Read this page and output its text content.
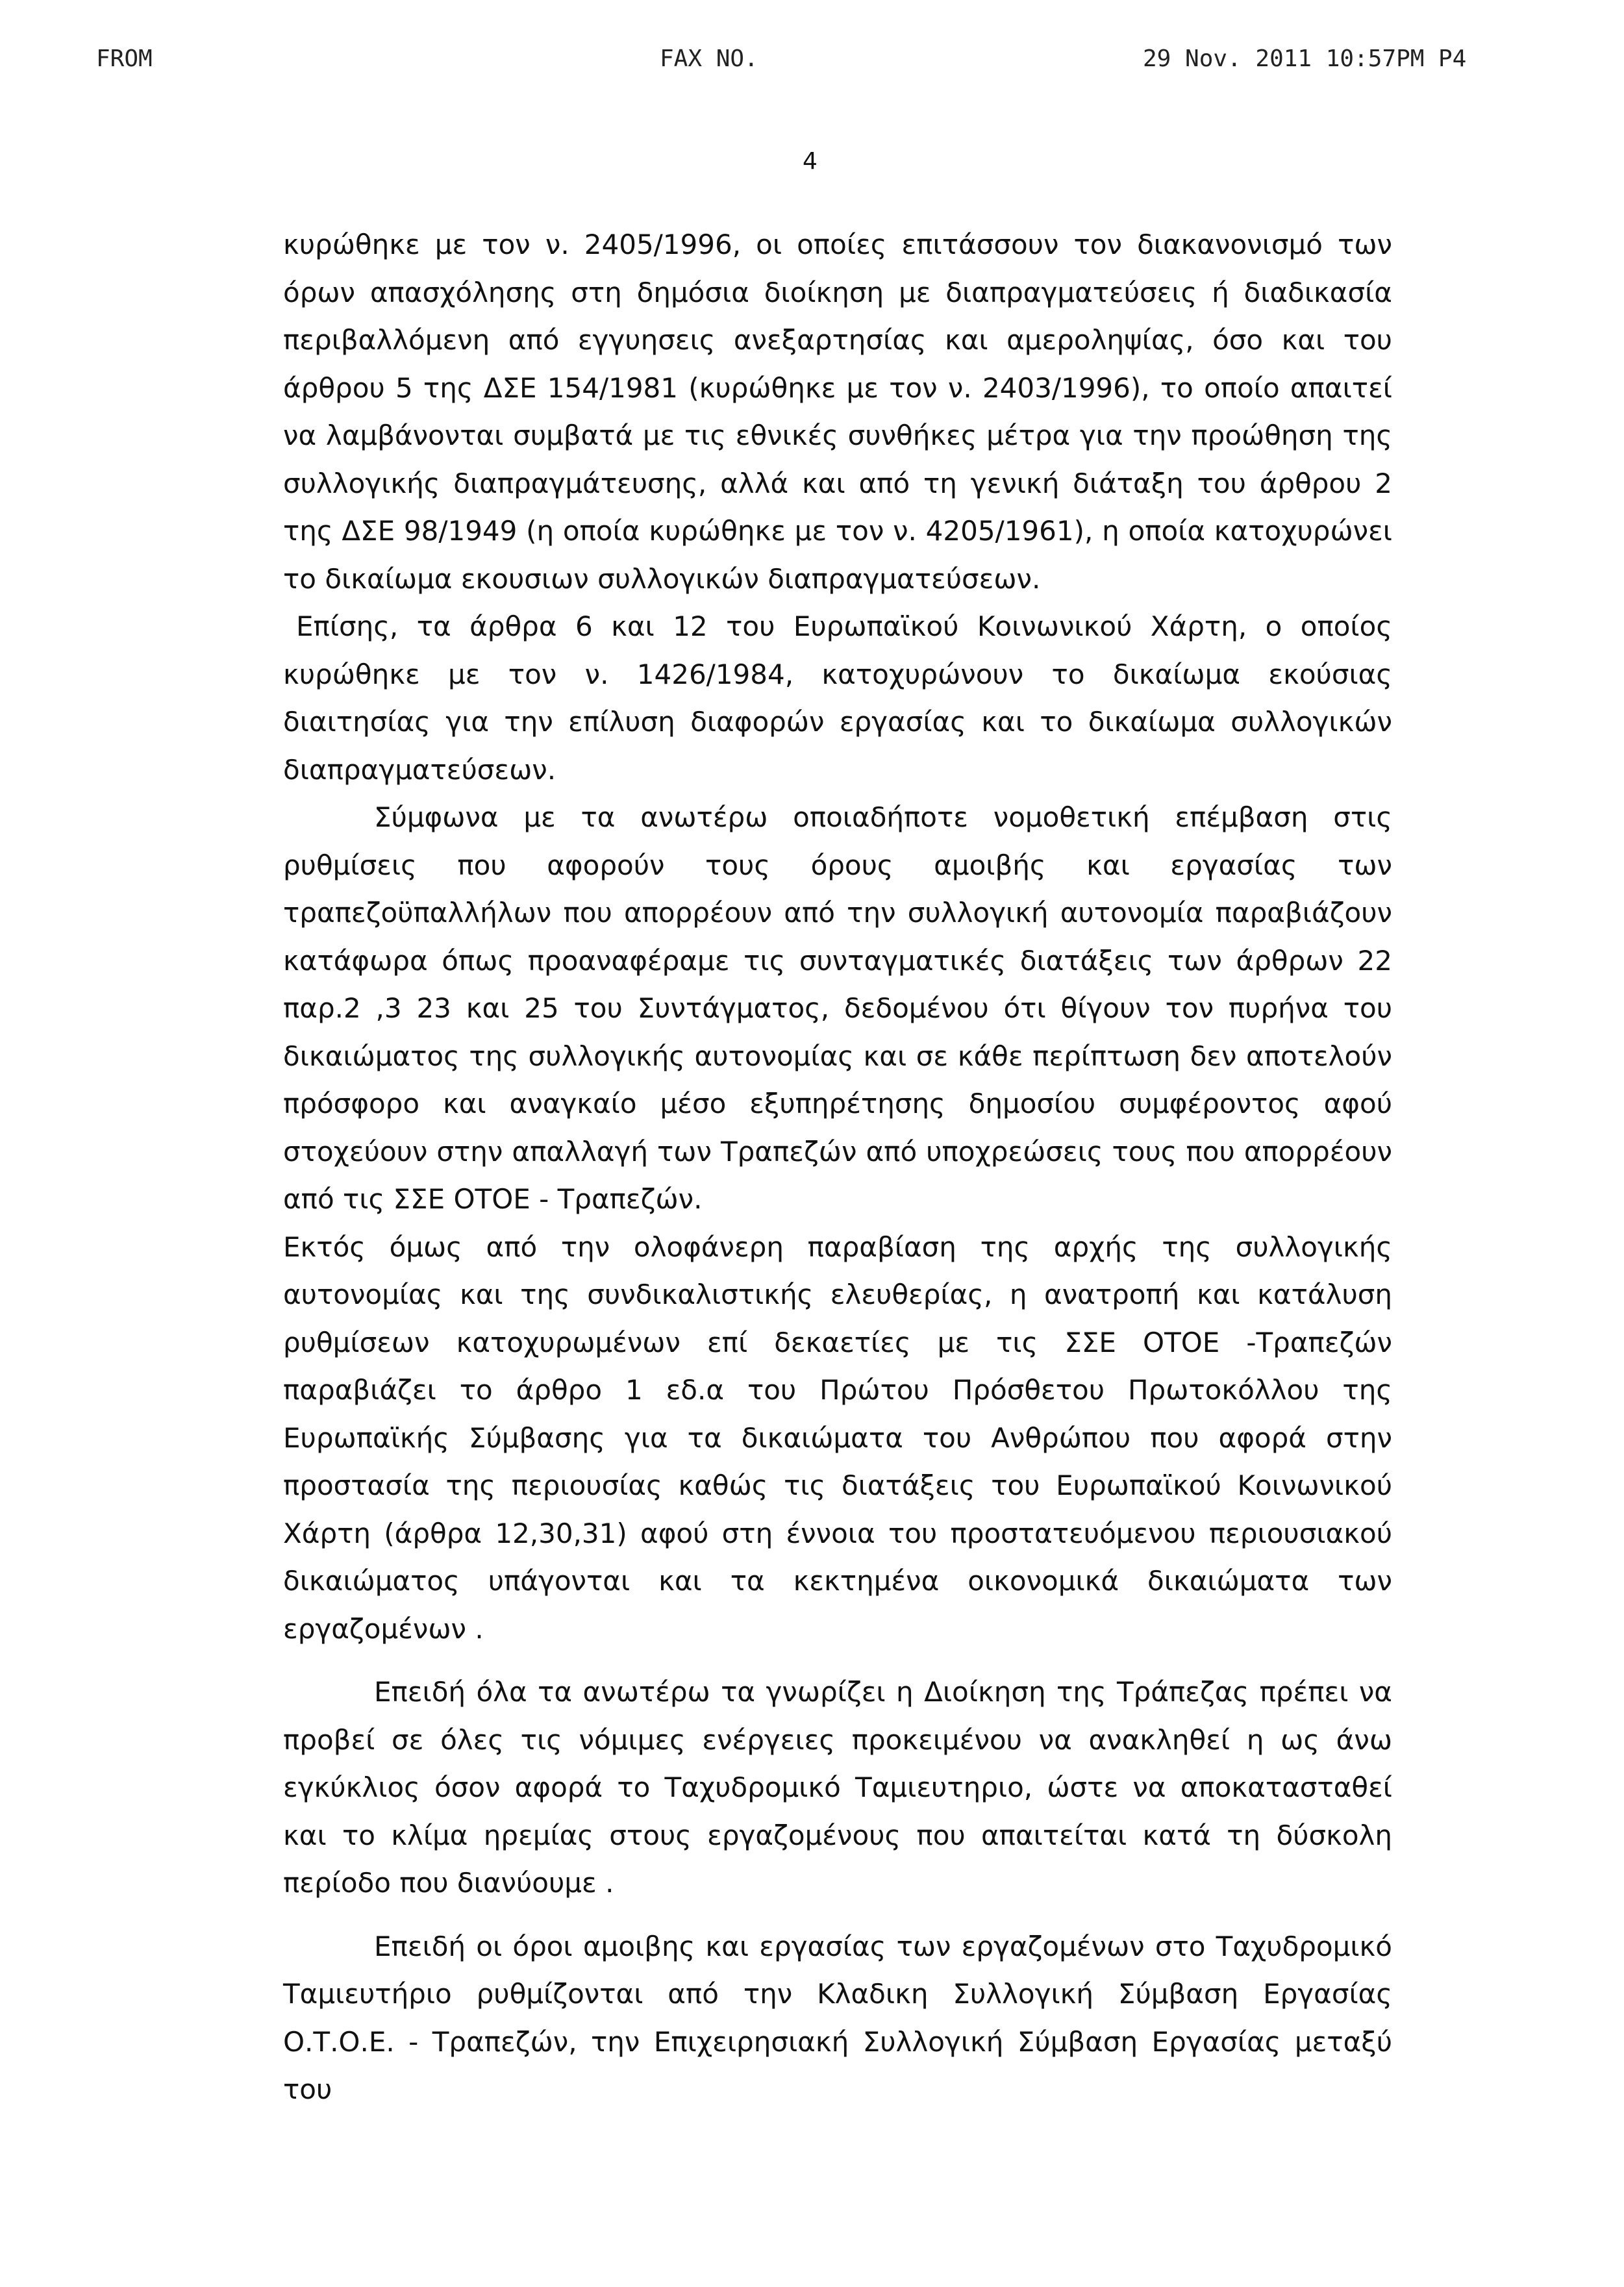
FROM	FAX NO.	29 Nov. 2011 10:57PM P4
4

κυρώθηκε με τον ν. 2405/1996, οι οποίες επιτάσσουν τον διακανονισμό των όρων απασχόλησης στη δημόσια διοίκηση με διαπραγματεύσεις ή διαδικασία περιβαλλόμενη από εγγυησεις ανεξαρτησίας και αμεροληψίας, όσο και του άρθρου 5 της ΔΣΕ 154/1981 (κυρώθηκε με τον ν. 2403/1996), το οποίο απαιτεί να λαμβάνονται συμβατά με τις εθνικές συνθήκες μέτρα για την προώθηση της συλλογικής διαπραγμάτευσης, αλλά και από τη γενική διάταξη του άρθρου 2 της ΔΣΕ 98/1949 (η οποία κυρώθηκε με τον ν. 4205/1961), η οποία κατοχυρώνει το δικαίωμα εκουσιων συλλογικών διαπραγματεύσεων.

Επίσης, τα άρθρα 6 και 12 του Ευρωπαϊκού Κοινωνικού Χάρτη, ο οποίος κυρώθηκε με τον ν. 1426/1984, κατοχυρώνουν το δικαίωμα εκούσιας διαιτησίας για την επίλυση διαφορών εργασίας και το δικαίωμα συλλογικών διαπραγματεύσεων.

Σύμφωνα με τα ανωτέρω οποιαδήποτε νομοθετική επέμβαση στις ρυθμίσεις που αφορούν τους όρους αμοιβής και εργασίας των τραπεζοϋπαλλήλων που απορρέουν από την συλλογική αυτονομία παραβιάζουν κατάφωρα όπως προαναφέραμε τις συνταγματικές διατάξεις των άρθρων 22 παρ.2 ,3 23 και 25 του Συντάγματος, δεδομένου ότι θίγουν τον πυρήνα του δικαιώματος της συλλογικής αυτονομίας και σε κάθε περίπτωση δεν αποτελούν πρόσφορο και αναγκαίο μέσο εξυπηρέτησης δημοσίου συμφέροντος αφού στοχεύουν στην απαλλαγή των Τραπεζών από υποχρεώσεις τους που απορρέουν από τις ΣΣΕ ΟΤΟΕ - Τραπεζών.

Εκτός όμως από την ολοφάνερη παραβίαση της αρχής της συλλογικής αυτονομίας και της συνδικαλιστικής ελευθερίας, η ανατροπή και κατάλυση ρυθμίσεων κατοχυρωμένων επί δεκαετίες με τις ΣΣΕ ΟΤΟΕ -Τραπεζών παραβιάζει το άρθρο 1 εδ.α του Πρώτου Πρόσθετου Πρωτοκόλλου της Ευρωπαϊκής Σύμβασης για τα δικαιώματα του Ανθρώπου που αφορά στην προστασία της περιουσίας καθώς τις διατάξεις του Ευρωπαϊκού Κοινωνικού Χάρτη (άρθρα 12,30,31) αφού στη έννοια του προστατευόμενου περιουσιακού δικαιώματος υπάγονται και τα κεκτημένα οικονομικά δικαιώματα των εργαζομένων .

Επειδή όλα τα ανωτέρω τα γνωρίζει η Διοίκηση της Τράπεζας πρέπει να προβεί σε όλες τις νόμιμες ενέργειες προκειμένου να ανακληθεί η ως άνω εγκύκλιος όσον αφορά το Ταχυδρομικό Ταμιευτηριο, ώστε να αποκατασταθεί και το κλίμα ηρεμίας στους εργαζομένους που απαιτείται κατά τη δύσκολη περίοδο που διανύουμε .

Επειδή οι όροι αμοιβης και εργασίας των εργαζομένων στο Ταχυδρομικό Ταμιευτήριο ρυθμίζονται από την Κλαδικη Συλλογική Σύμβαση Εργασίας Ο.Τ.Ο.Ε. - Τραπεζών, την Επιχειρησιακή Συλλογική Σύμβαση Εργασίας μεταξύ του
